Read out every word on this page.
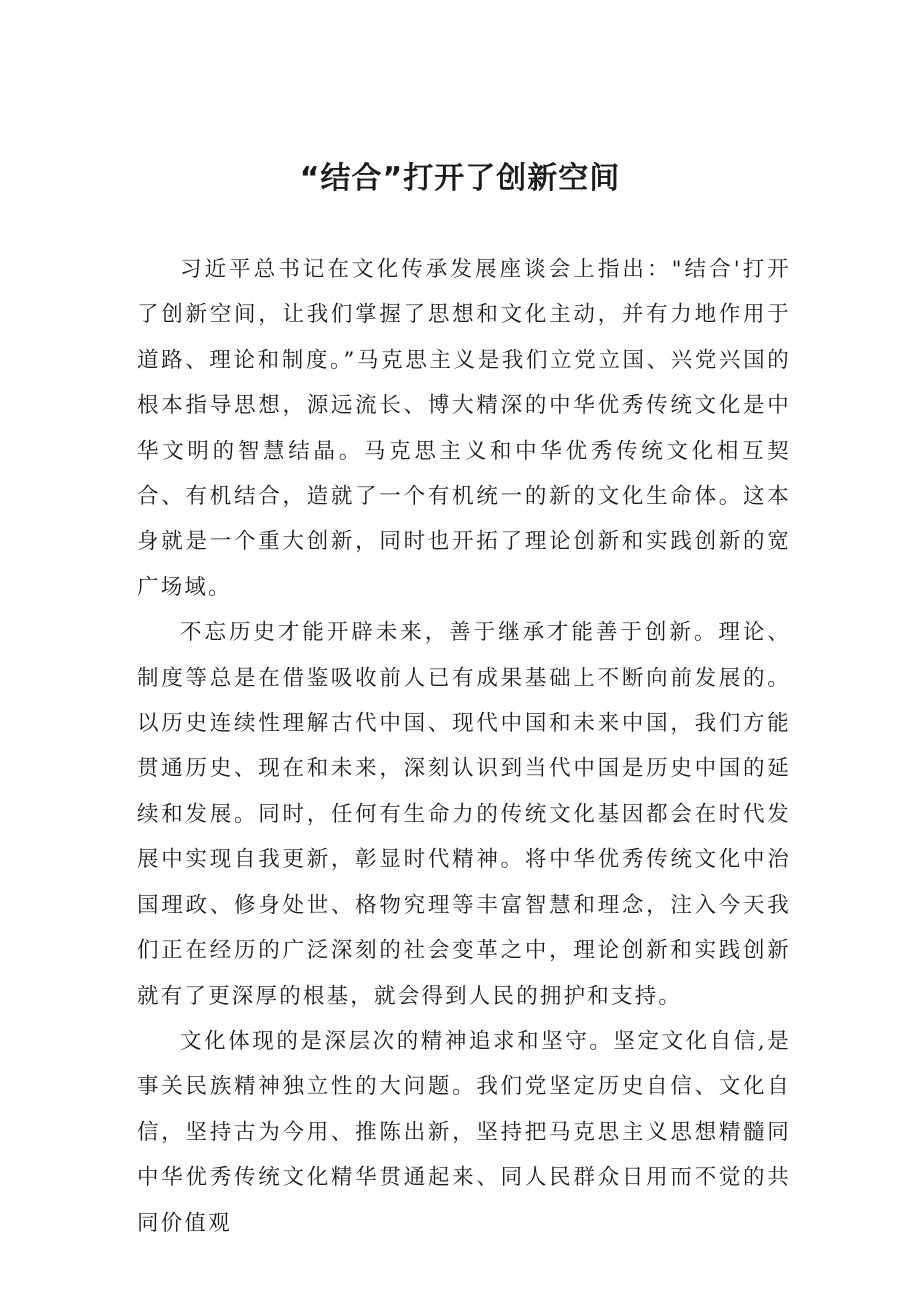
“结合”打开了创新空间

习近平总书记在文化传承发展座谈会上指出："结合'打开了创新空间，让我们掌握了思想和文化主动，并有力地作用于道路、理论和制度。”马克思主义是我们立党立国、兴党兴国的根本指导思想，源远流长、博大精深的中华优秀传统文化是中华文明的智慧结晶。马克思主义和中华优秀传统文化相互契合、有机结合，造就了一个有机统一的新的文化生命体。这本身就是一个重大创新，同时也开拓了理论创新和实践创新的宽广场域。

不忘历史才能开辟未来，善于继承才能善于创新。理论、制度等总是在借鉴吸收前人已有成果基础上不断向前发展的。以历史连续性理解古代中国、现代中国和未来中国，我们方能贯通历史、现在和未来，深刻认识到当代中国是历史中国的延续和发展。同时，任何有生命力的传统文化基因都会在时代发展中实现自我更新，彰显时代精神。将中华优秀传统文化中治国理政、修身处世、格物究理等丰富智慧和理念，注入今天我们正在经历的广泛深刻的社会变革之中，理论创新和实践创新就有了更深厚的根基，就会得到人民的拥护和支持。

文化体现的是深层次的精神追求和坚守。坚定文化自信,是事关民族精神独立性的大问题。我们党坚定历史自信、文化自信，坚持古为今用、推陈出新，坚持把马克思主义思想精髓同中华优秀传统文化精华贯通起来、同人民群众日用而不觉的共同价值观
